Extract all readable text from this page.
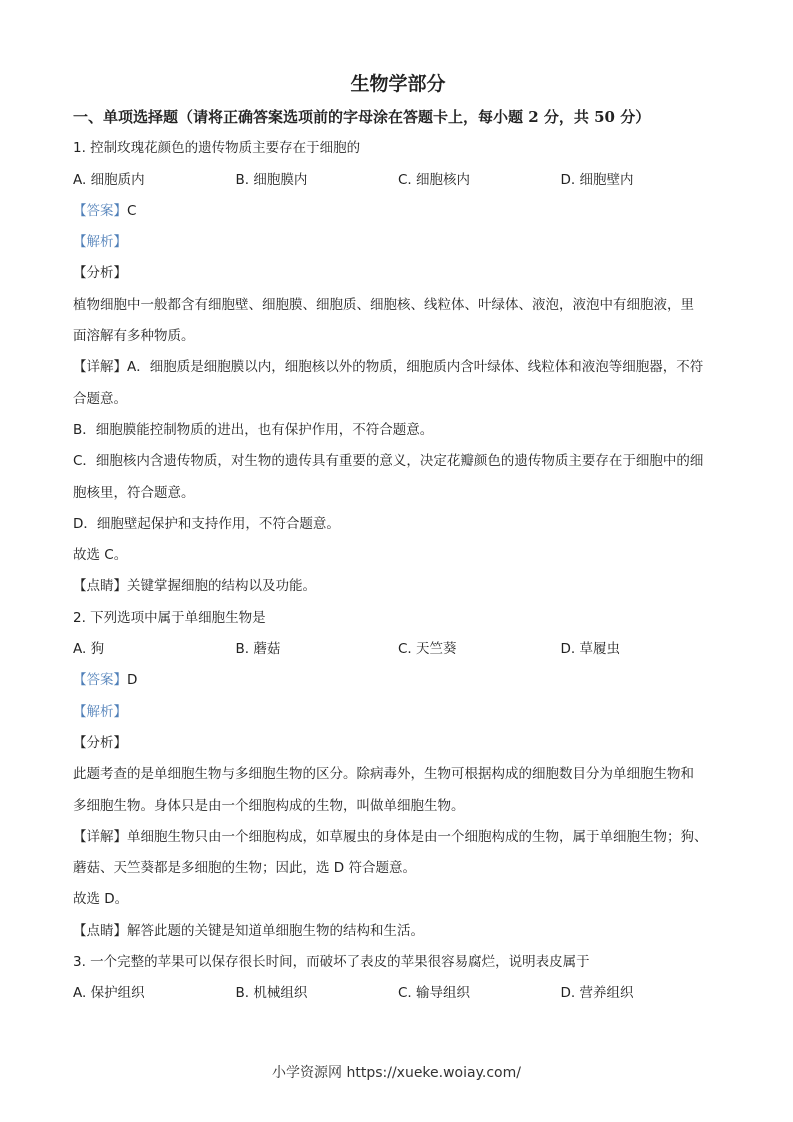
生物学部分
一、单项选择题（请将正确答案选项前的字母涂在答题卡上，每小题 2 分，共 50 分）
1. 控制玫瑰花颜色的遗传物质主要存在于细胞的
A. 细胞质内	B. 细胞膜内	C. 细胞核内	D. 细胞壁内
【答案】C
【解析】
【分析】
植物细胞中一般都含有细胞壁、细胞膜、细胞质、细胞核、线粒体、叶绿体、液泡，液泡中有细胞液，里
面溶解有多种物质。
【详解】A．细胞质是细胞膜以内，细胞核以外的物质，细胞质内含叶绿体、线粒体和液泡等细胞器，不符
合题意。
B．细胞膜能控制物质的进出，也有保护作用，不符合题意。
C．细胞核内含遗传物质，对生物的遗传具有重要的意义，决定花瓣颜色的遗传物质主要存在于细胞中的细
胞核里，符合题意。
D．细胞壁起保护和支持作用，不符合题意。
故选 C。
【点睛】关键掌握细胞的结构以及功能。
2. 下列选项中属于单细胞生物是
A. 狗	B. 蘑菇	C. 天竺葵	D. 草履虫
【答案】D
【解析】
【分析】
此题考查的是单细胞生物与多细胞生物的区分。除病毒外，生物可根据构成的细胞数目分为单细胞生物和
多细胞生物。身体只是由一个细胞构成的生物，叫做单细胞生物。
【详解】单细胞生物只由一个细胞构成，如草履虫的身体是由一个细胞构成的生物，属于单细胞生物；狗、
蘑菇、天竺葵都是多细胞的生物；因此，选 D 符合题意。
故选 D。
【点睛】解答此题的关键是知道单细胞生物的结构和生活。
3. 一个完整的苹果可以保存很长时间，而破坏了表皮的苹果很容易腐烂，说明表皮属于
A. 保护组织	B. 机械组织	C. 输导组织	D. 营养组织
小学资源网 https://xueke.woiay.com/
